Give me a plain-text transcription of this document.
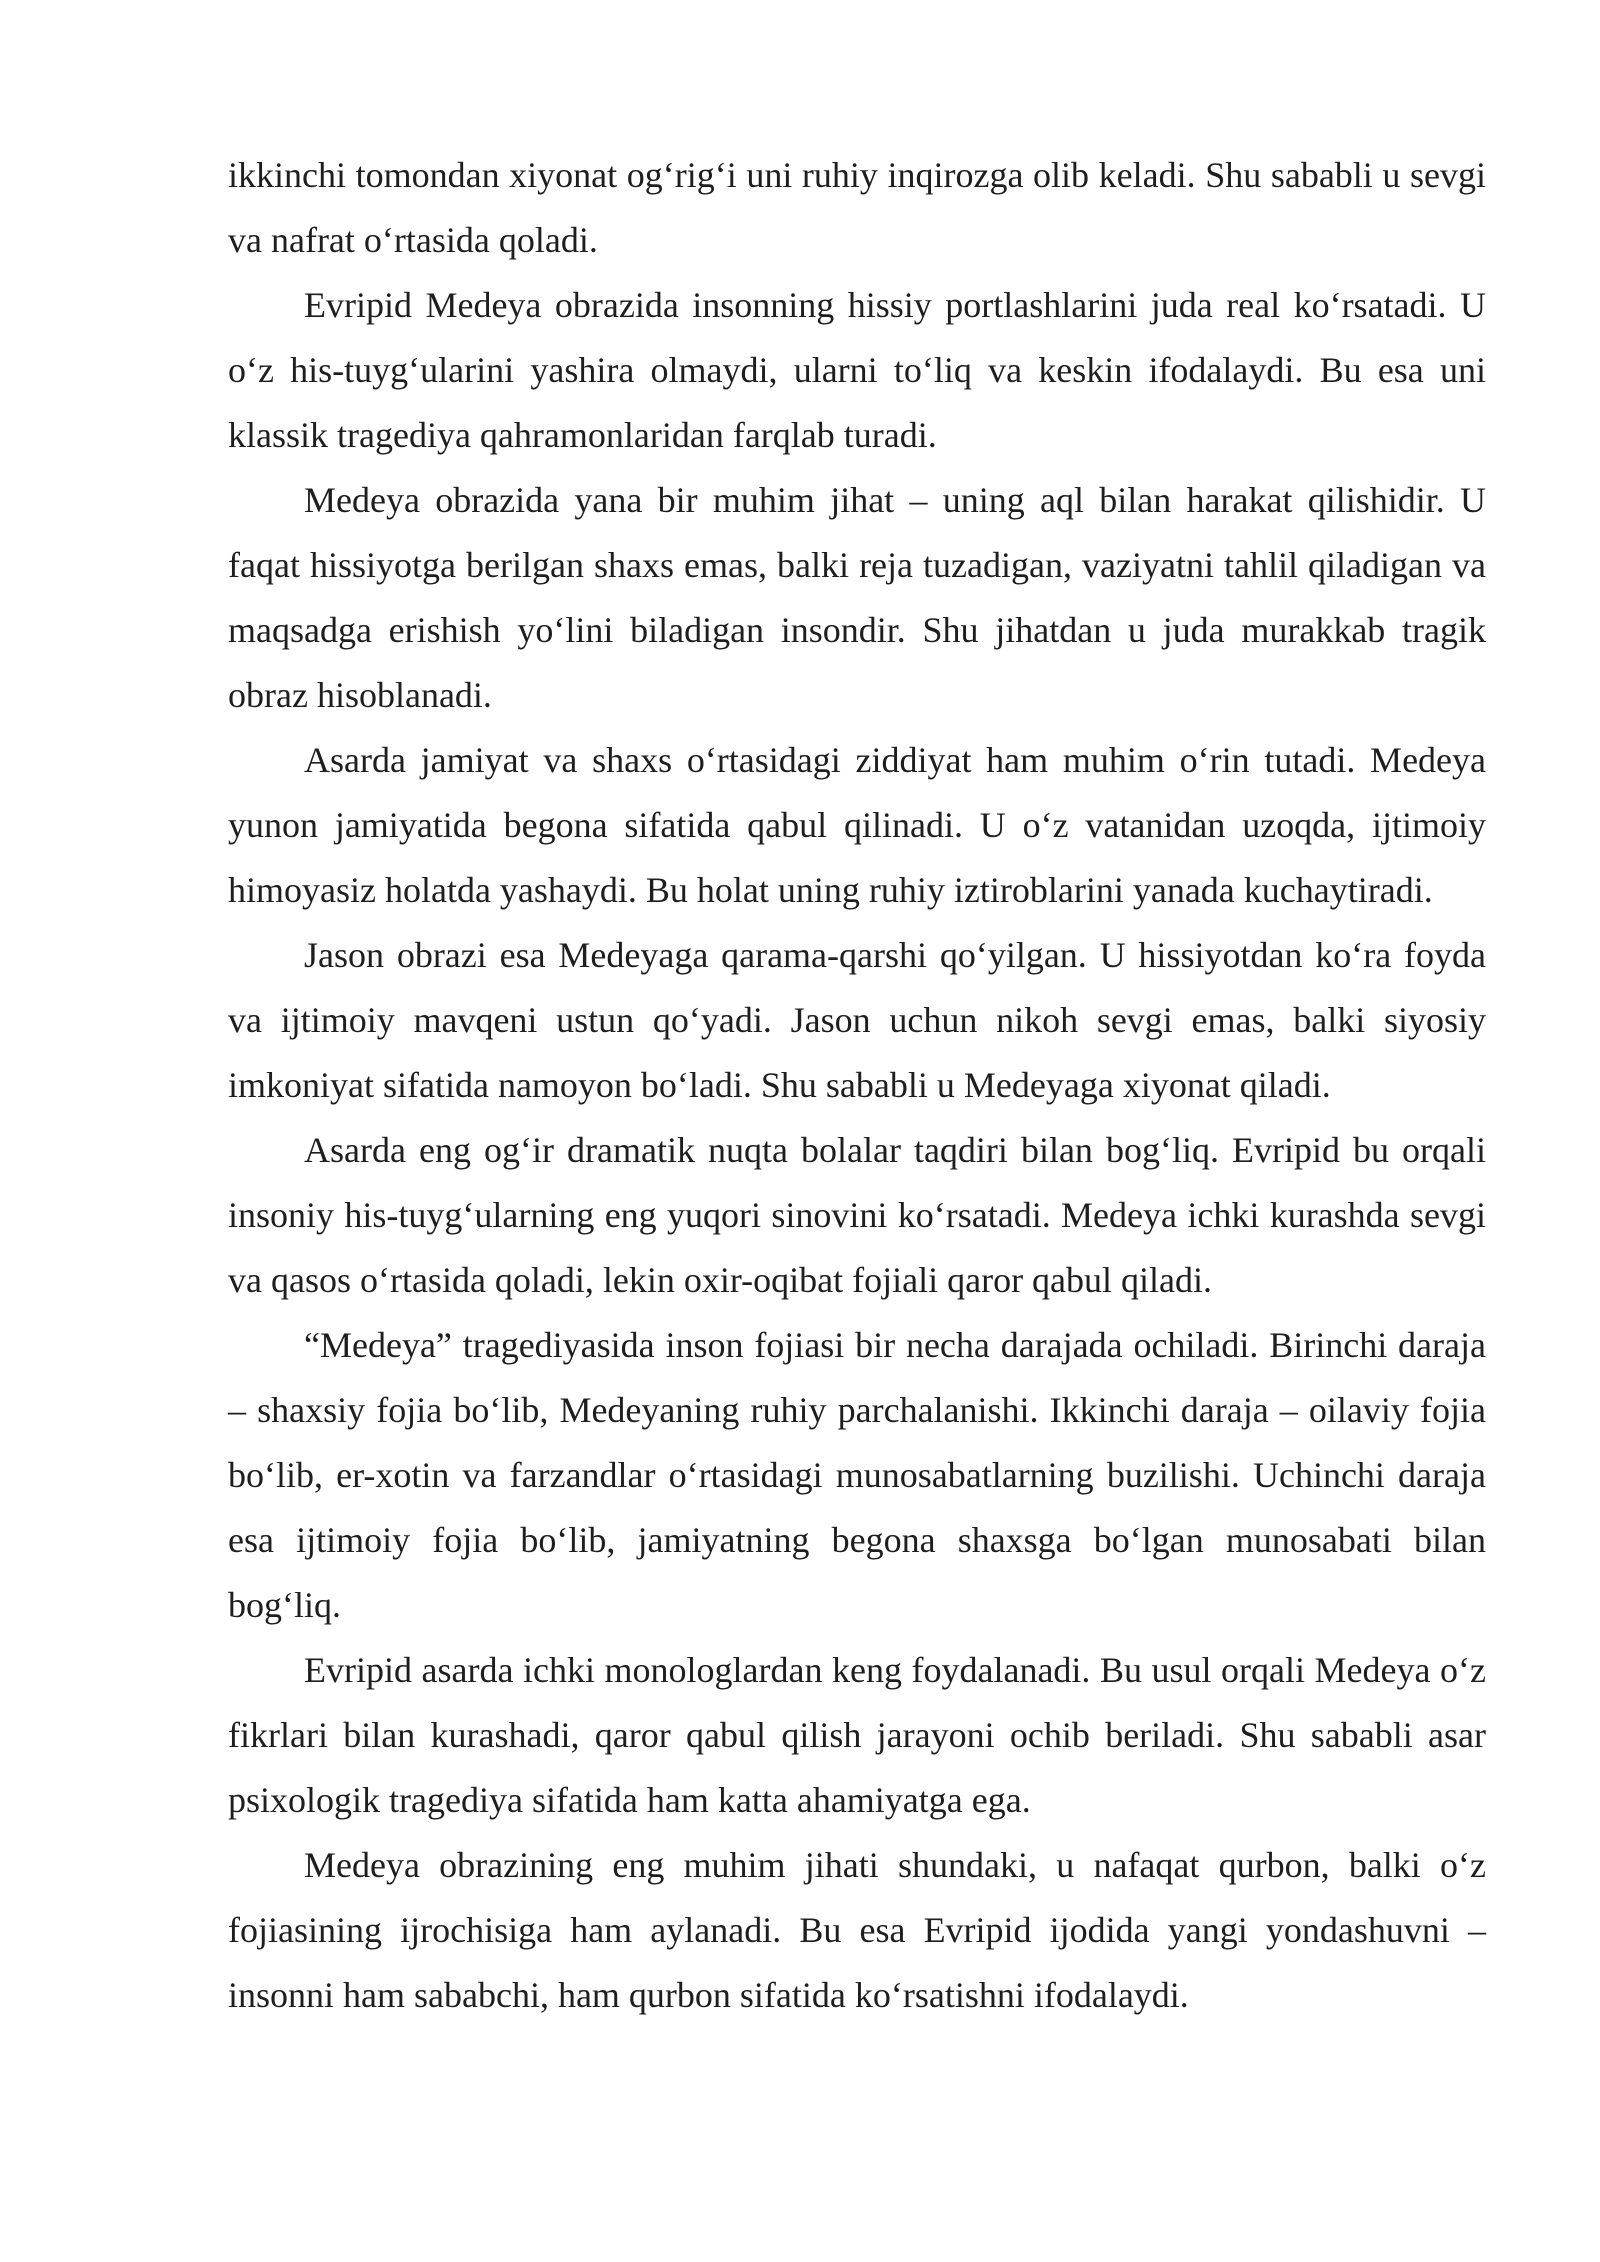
ikkinchi tomondan xiyonat og‘rig‘i uni ruhiy inqirozga olib keladi. Shu sababli u sevgi va nafrat o‘rtasida qoladi.

Evripid Medeya obrazida insonning hissiy portlashlarini juda real ko‘rsatadi. U o‘z his-tuyg‘ularini yashira olmaydi, ularni to‘liq va keskin ifodalaydi. Bu esa uni klassik tragediya qahramonlaridan farqlab turadi.

Medeya obrazida yana bir muhim jihat – uning aql bilan harakat qilishidir. U faqat hissiyotga berilgan shaxs emas, balki reja tuzadigan, vaziyatni tahlil qiladigan va maqsadga erishish yo‘lini biladigan insondir. Shu jihatdan u juda murakkab tragik obraz hisoblanadi.

Asarda jamiyat va shaxs o‘rtasidagi ziddiyat ham muhim o‘rin tutadi. Medeya yunon jamiyatida begona sifatida qabul qilinadi. U o‘z vatanidan uzoqda, ijtimoiy himoyasiz holatda yashaydi. Bu holat uning ruhiy iztiroblarini yanada kuchaytiradi.

Jason obrazi esa Medeyaga qarama-qarshi qo‘yilgan. U hissiyotdan ko‘ra foyda va ijtimoiy mavqeni ustun qo‘yadi. Jason uchun nikoh sevgi emas, balki siyosiy imkoniyat sifatida namoyon bo‘ladi. Shu sababli u Medeyaga xiyonat qiladi.

Asarda eng og‘ir dramatik nuqta bolalar taqdiri bilan bog‘liq. Evripid bu orqali insoniy his-tuyg‘ularning eng yuqori sinovini ko‘rsatadi. Medeya ichki kurashda sevgi va qasos o‘rtasida qoladi, lekin oxir-oqibat fojiali qaror qabul qiladi.

“Medeya” tragediyasida inson fojiasi bir necha darajada ochiladi. Birinchi daraja – shaxsiy fojia bo‘lib, Medeyaning ruhiy parchalanishi. Ikkinchi daraja – oilaviy fojia bo‘lib, er-xotin va farzandlar o‘rtasidagi munosabatlarning buzilishi. Uchinchi daraja esa ijtimoiy fojia bo‘lib, jamiyatning begona shaxsga bo‘lgan munosabati bilan bog‘liq.

Evripid asarda ichki monologlardan keng foydalanadi. Bu usul orqali Medeya o‘z fikrlari bilan kurashadi, qaror qabul qilish jarayoni ochib beriladi. Shu sababli asar psixologik tragediya sifatida ham katta ahamiyatga ega.

Medeya obrazining eng muhim jihati shundaki, u nafaqat qurbon, balki o‘z fojiasining ijrochisiga ham aylanadi. Bu esa Evripid ijodida yangi yondashuvni – insonni ham sababchi, ham qurbon sifatida ko‘rsatishni ifodalaydi.
